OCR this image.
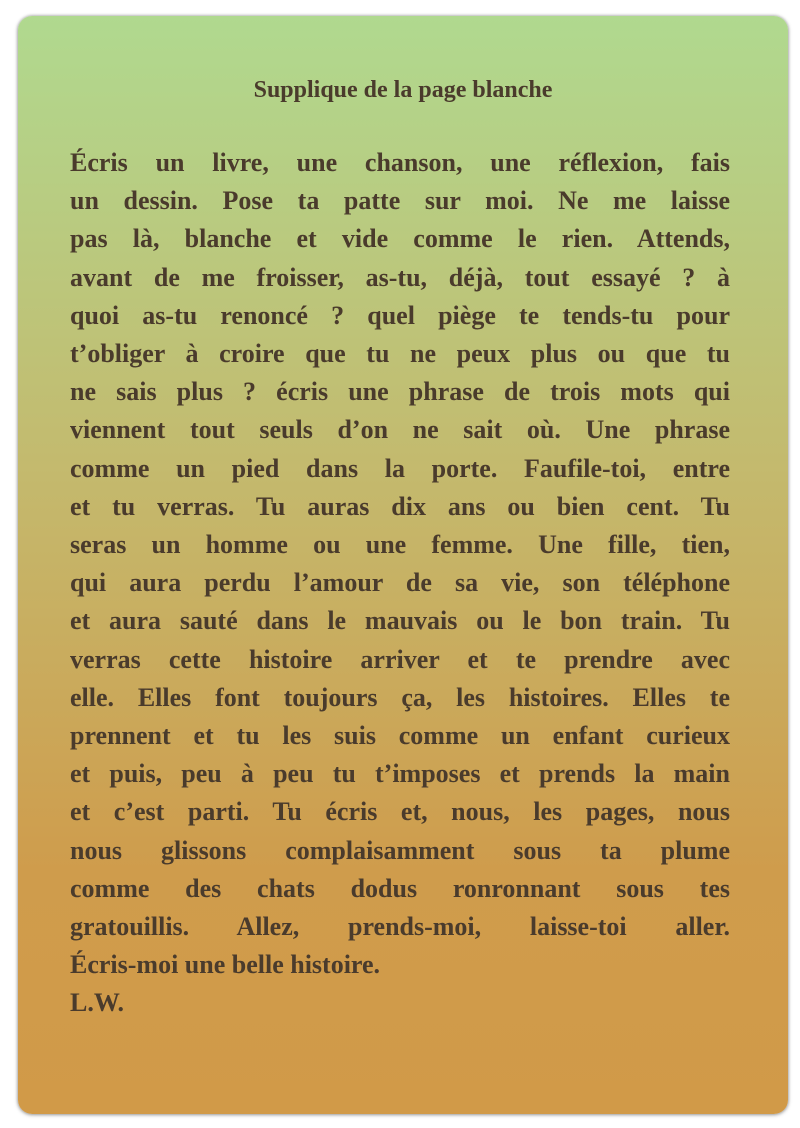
Supplique de la page blanche
Écris un livre, une chanson, une réflexion, fais
un dessin. Pose ta patte sur moi. Ne me laisse
pas là, blanche et vide comme le rien. Attends,
avant de me froisser, as-tu, déjà, tout essayé ? à
quoi as-tu renoncé ? quel piège te tends-tu pour
t’obliger à croire que tu ne peux plus ou que tu
ne sais plus ? écris une phrase de trois mots qui
viennent tout seuls d’on ne sait où. Une phrase
comme un pied dans la porte. Faufile-toi, entre
et tu verras. Tu auras dix ans ou bien cent. Tu
seras un homme ou une femme. Une fille, tien,
qui aura perdu l’amour de sa vie, son téléphone
et aura sauté dans le mauvais ou le bon train. Tu
verras cette histoire arriver et te prendre avec
elle. Elles font toujours ça, les histoires. Elles te
prennent et tu les suis comme un enfant curieux
et puis, peu à peu tu t’imposes et prends la main
et c’est parti. Tu écris et, nous, les pages, nous
nous glissons complaisamment sous ta plume
comme des chats dodus ronronnant sous tes
gratouillis. Allez, prends-moi, laisse-toi aller.
Écris-moi une belle histoire.
L.W.
